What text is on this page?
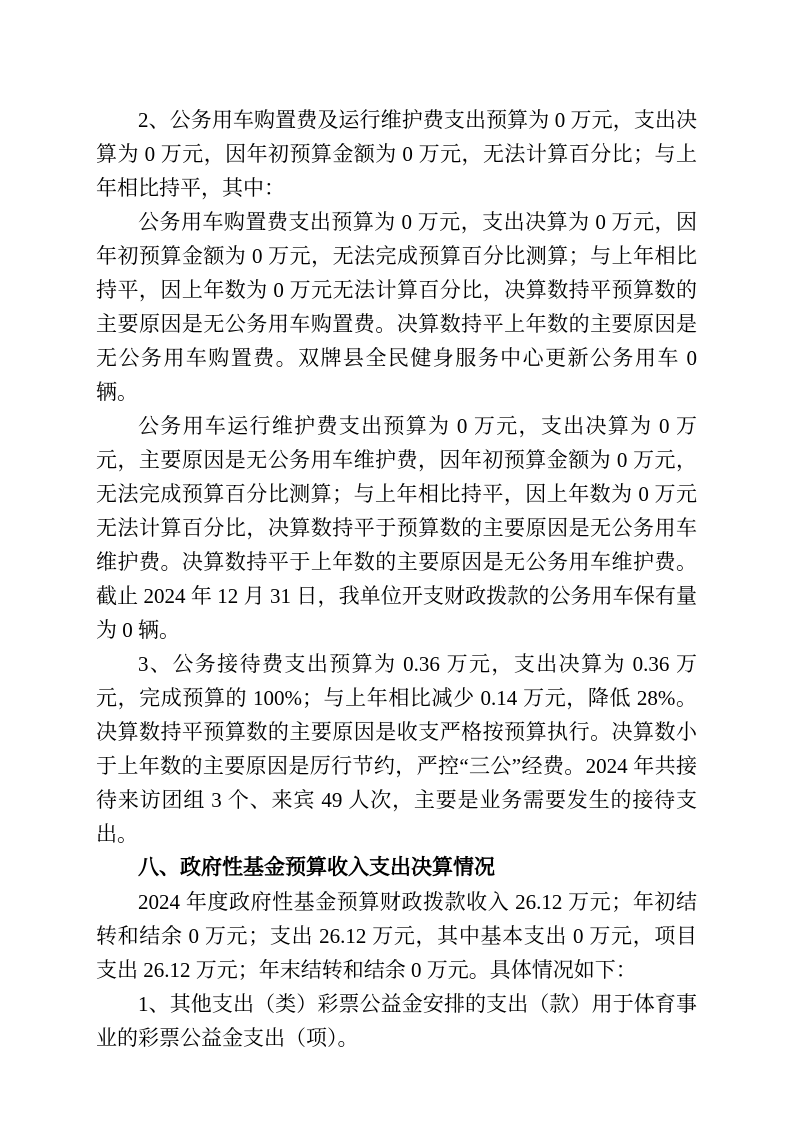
2、公务用车购置费及运行维护费支出预算为 0 万元，支出决算为 0 万元，因年初预算金额为 0 万元，无法计算百分比；与上年相比持平，其中：

公务用车购置费支出预算为 0 万元，支出决算为 0 万元，因年初预算金额为 0 万元，无法完成预算百分比测算；与上年相比持平，因上年数为 0 万元无法计算百分比，决算数持平预算数的主要原因是无公务用车购置费。决算数持平上年数的主要原因是无公务用车购置费。双牌县全民健身服务中心更新公务用车 0 辆。

公务用车运行维护费支出预算为 0 万元，支出决算为 0 万元，主要原因是无公务用车维护费，因年初预算金额为 0 万元，无法完成预算百分比测算；与上年相比持平，因上年数为 0 万元无法计算百分比，决算数持平于预算数的主要原因是无公务用车维护费。决算数持平于上年数的主要原因是无公务用车维护费。截止 2024 年 12 月 31 日，我单位开支财政拨款的公务用车保有量为 0 辆。

3、公务接待费支出预算为 0.36 万元，支出决算为 0.36 万元，完成预算的 100%；与上年相比减少 0.14 万元，降低 28%。决算数持平预算数的主要原因是收支严格按预算执行。决算数小于上年数的主要原因是厉行节约，严控“三公”经费。2024 年共接待来访团组 3 个、来宾 49 人次，主要是业务需要发生的接待支出。

八、政府性基金预算收入支出决算情况

2024 年度政府性基金预算财政拨款收入 26.12 万元；年初结转和结余 0 万元；支出 26.12 万元，其中基本支出 0 万元，项目支出 26.12 万元；年末结转和结余 0 万元。具体情况如下：

1、其他支出（类）彩票公益金安排的支出（款）用于体育事业的彩票公益金支出（项）。
